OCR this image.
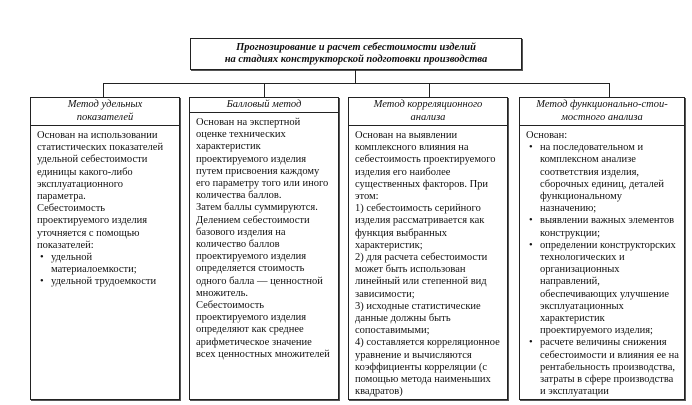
Прогнозирование и расчет себестоимости изделий
на стадиях конструкторской подготовки производства
Метод удельных
показателей

Основан на использовании статистических показателей удельной себестоимости единицы какого-либо эксплуатационного параметра.

Себестоимость проектируемого изделия уточняется с помощью показателей:

• удельной материалоемкости;
• удельной трудоемкости
Балловый метод

Основан на экспертной оценке технических характеристик проектируемого изделия путем присвоения каждому его параметру того или иного количества баллов.

Затем баллы суммируются.

Делением себестоимости базового изделия на количество баллов проектируемого изделия определяется стоимость одного балла — ценностной множитель.

Себестоимость проектируемого изделия определяют как среднее арифметическое значение всех ценностных множителей

Метод корреляционного
анализа

Основан на выявлении комплексного влияния на себестоимость проектируемого изделия его наиболее существенных факторов. При этом:

1) себестоимость серийного изделия рассматривается как функция выбранных характеристик;

2) для расчета себестоимости может быть использован линейный или степенной вид зависимости;

3) исходные статистические данные должны быть сопоставимыми;

4) составляется корреляционное уравнение и вычисляются коэффициенты корреляции (с помощью метода наименьших квадратов)

Метод функционально-стои-
мостного анализа

Основан:

• на последовательном и комплексном анализе соответствия изделия, сборочных единиц, деталей функциональному назначению;
• выявлении важных элементов конструкции;
• определении конструкторских технологических и организационных направлений, обеспечивающих улучшение эксплуатационных характеристик проектируемого изделия;
• расчете величины снижения себестоимости и влияния ее на рентабельность производства, затраты в сфере производства и эксплуатации
